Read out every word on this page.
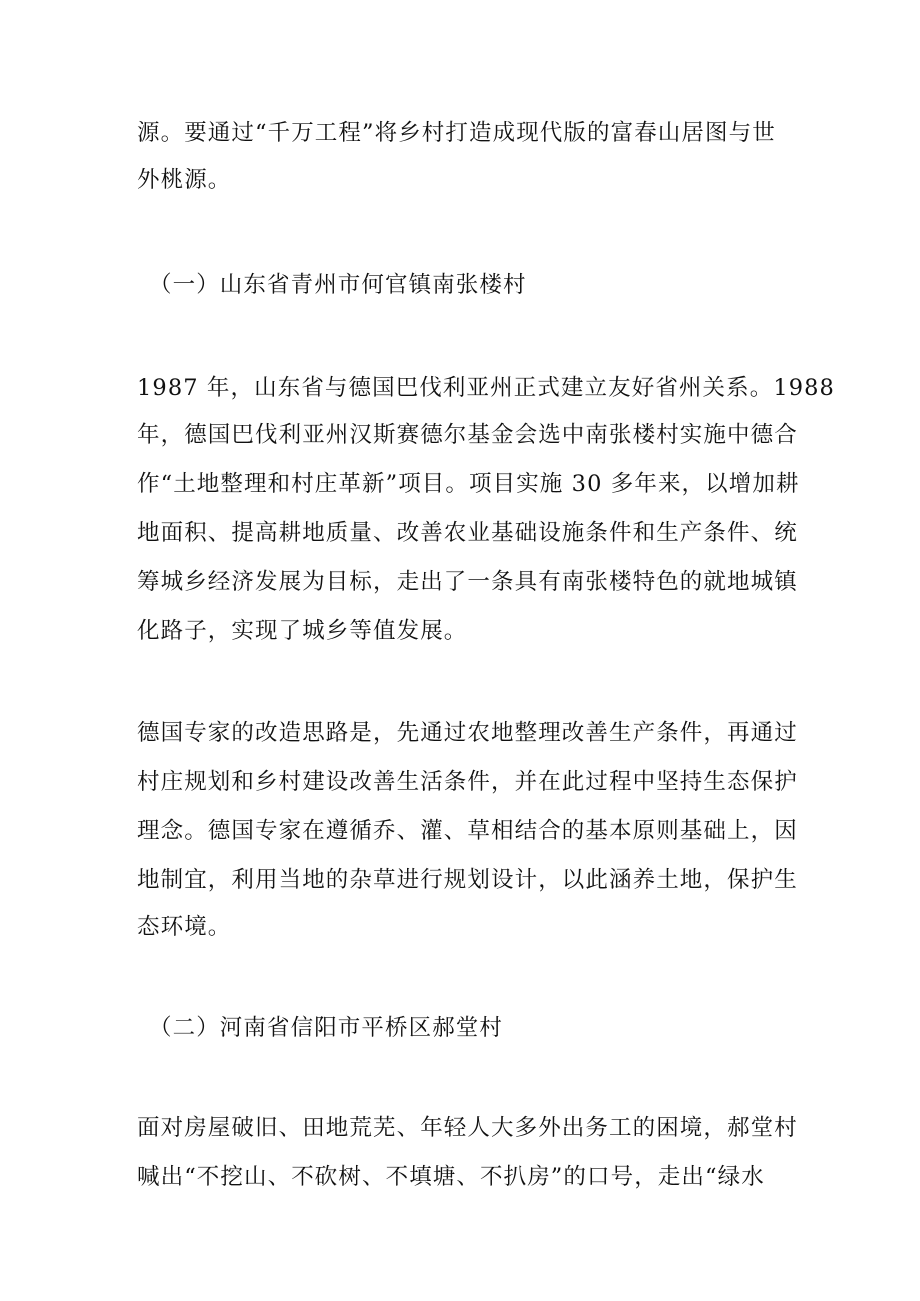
源。要通过“千万工程”将乡村打造成现代版的富春山居图与世
外桃源。
（一）山东省青州市何官镇南张楼村
1987 年，山东省与德国巴伐利亚州正式建立友好省州关系。1988
年，德国巴伐利亚州汉斯赛德尔基金会选中南张楼村实施中德合
作“土地整理和村庄革新”项目。项目实施 30 多年来，以增加耕
地面积、提高耕地质量、改善农业基础设施条件和生产条件、统
筹城乡经济发展为目标，走出了一条具有南张楼特色的就地城镇
化路子，实现了城乡等值发展。
德国专家的改造思路是，先通过农地整理改善生产条件，再通过
村庄规划和乡村建设改善生活条件，并在此过程中坚持生态保护
理念。德国专家在遵循乔、灌、草相结合的基本原则基础上，因
地制宜，利用当地的杂草进行规划设计，以此涵养土地，保护生
态环境。
（二）河南省信阳市平桥区郝堂村
面对房屋破旧、田地荒芜、年轻人大多外出务工的困境，郝堂村
喊出“不挖山、不砍树、不填塘、不扒房”的口号，走出“绿水
